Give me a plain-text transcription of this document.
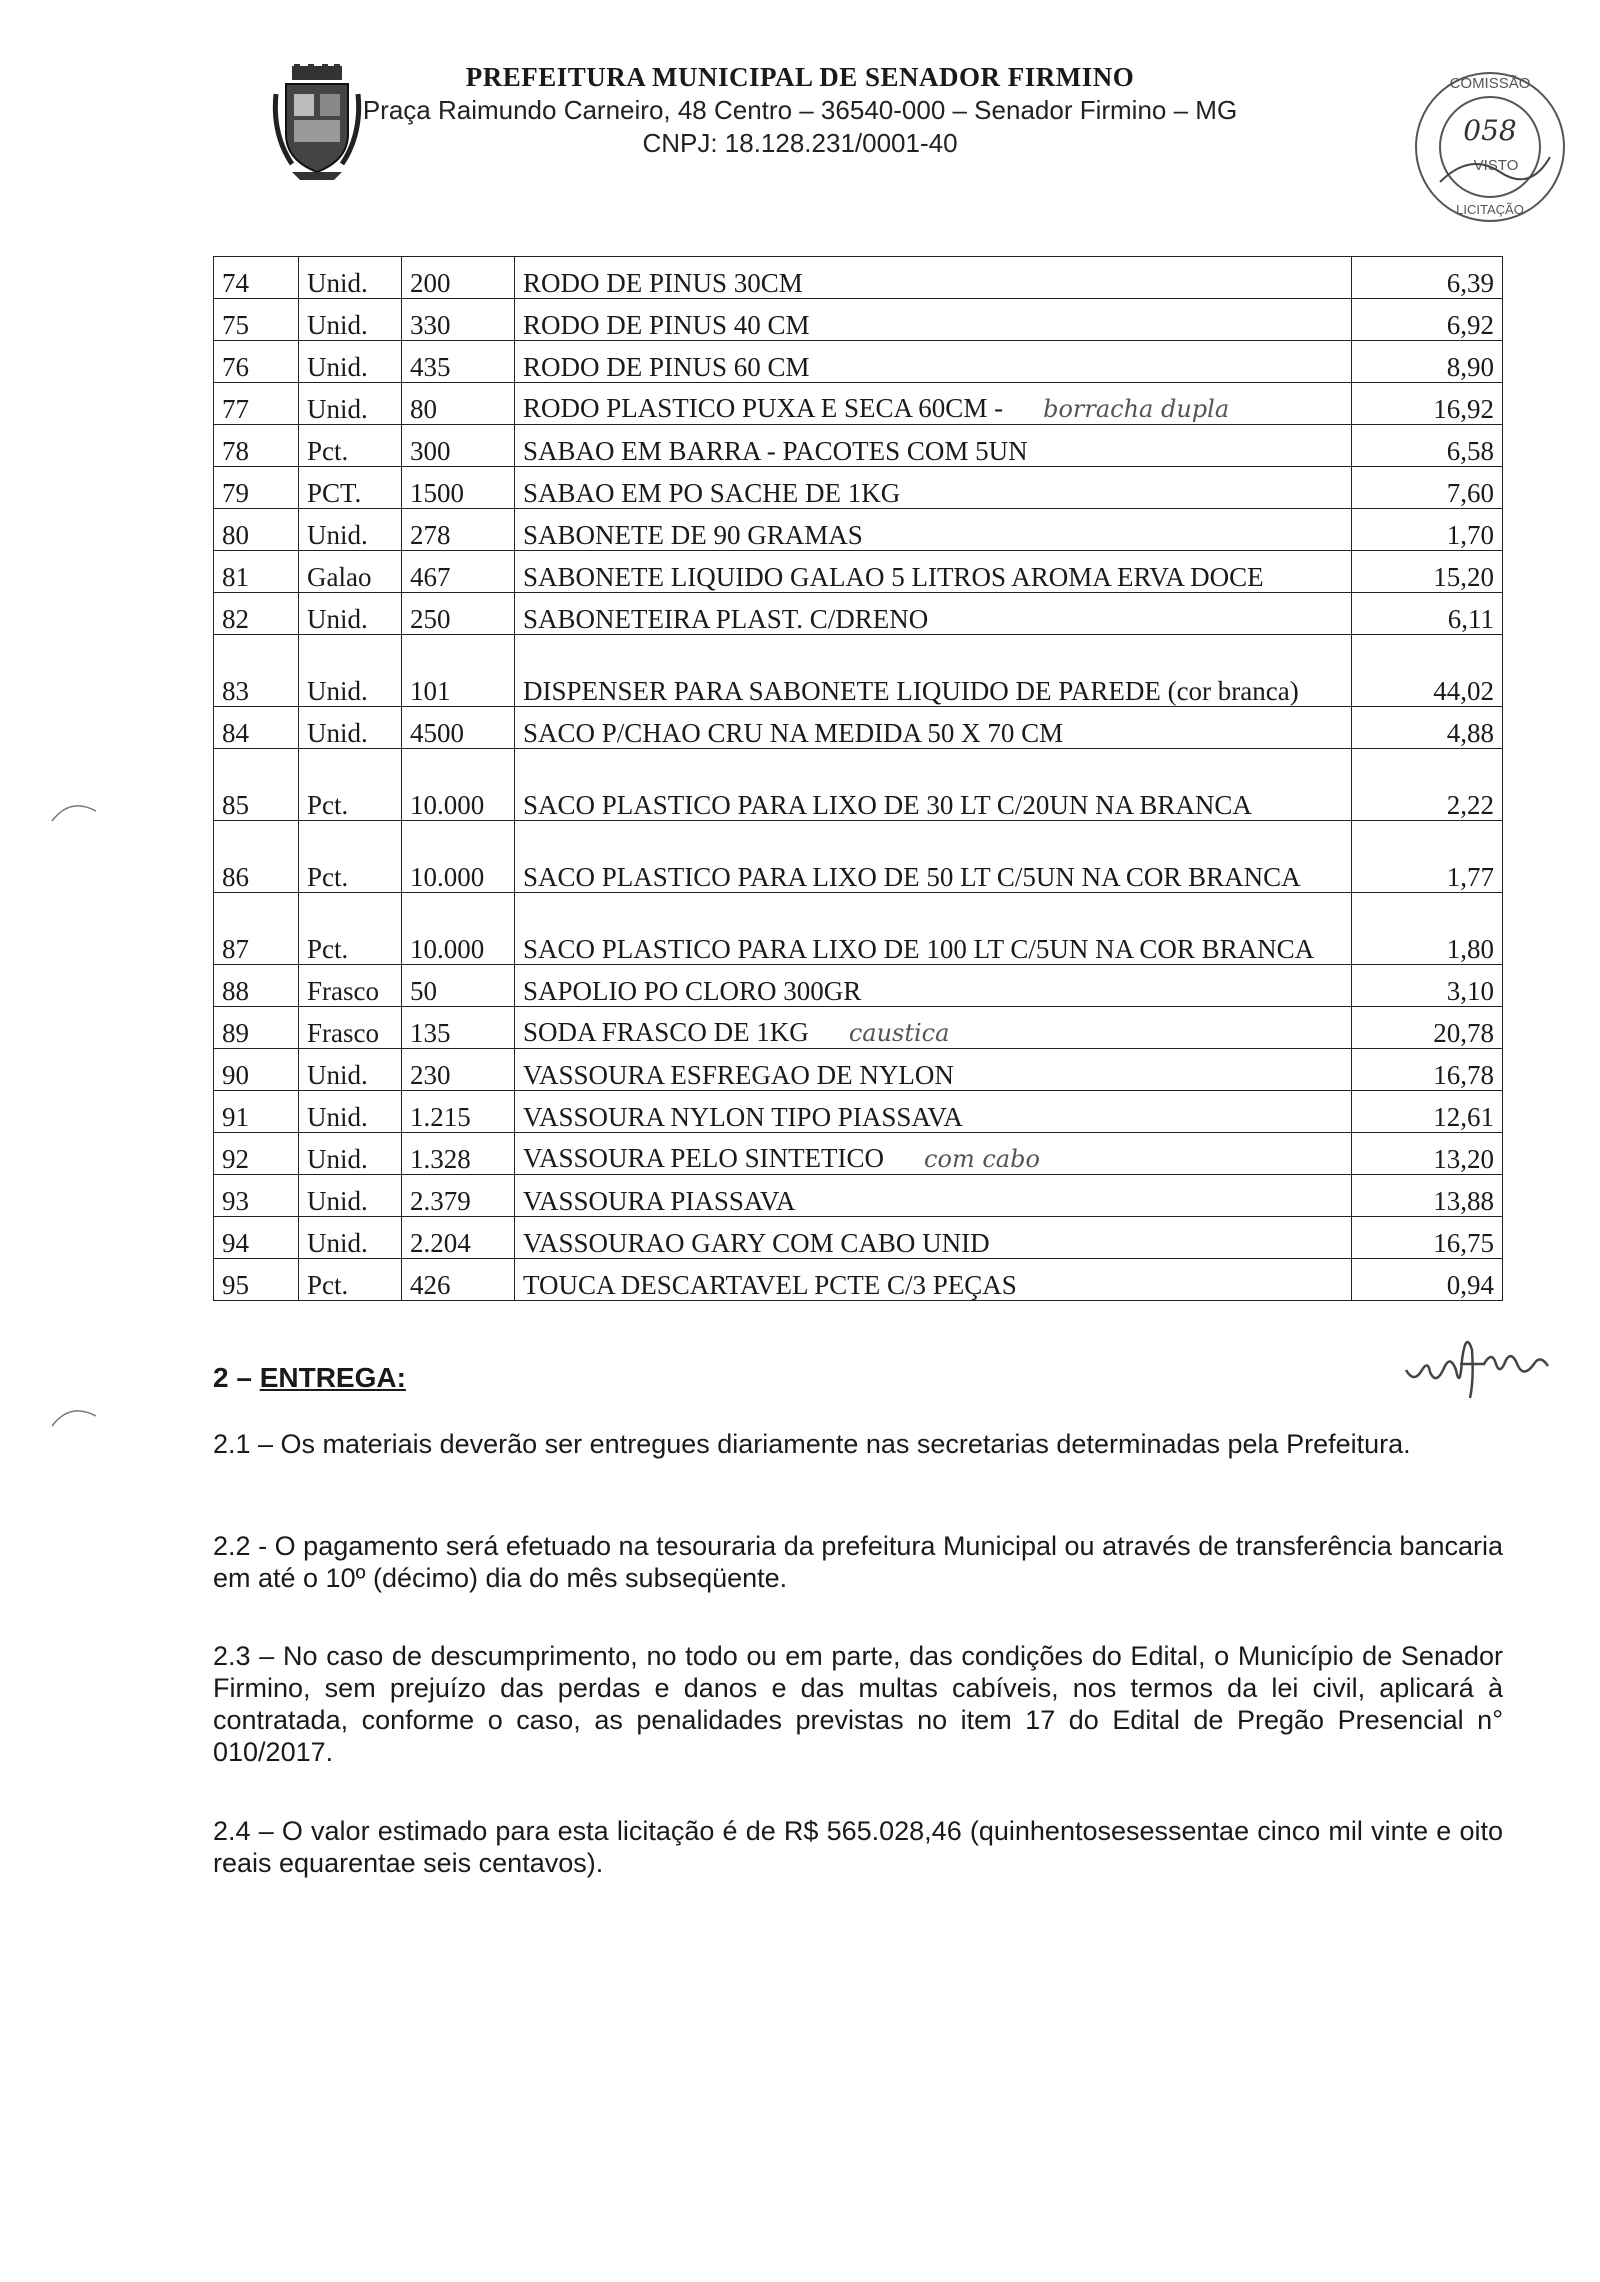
PREFEITURA MUNICIPAL DE SENADOR FIRMINO
Praça Raimundo Carneiro, 48 Centro – 36540-000 – Senador Firmino – MG
CNPJ: 18.128.231/0001-40
COMISSÃO
058
VISTO
LICITAÇÃO
74	Unid.	200	RODO DE PINUS 30CM	6,39
75	Unid.	330	RODO DE PINUS 40 CM	6,92
76	Unid.	435	RODO DE PINUS 60 CM	8,90
77	Unid.	80	RODO PLASTICO PUXA E SECA 60CM - borracha dupla	16,92
78	Pct.	300	SABAO EM BARRA - PACOTES COM 5UN	6,58
79	PCT.	1500	SABAO EM PO SACHE DE 1KG	7,60
80	Unid.	278	SABONETE DE 90 GRAMAS	1,70
81	Galao	467	SABONETE LIQUIDO GALAO 5 LITROS AROMA ERVA DOCE	15,20
82	Unid.	250	SABONETEIRA PLAST. C/DRENO	6,11
83	Unid.	101	DISPENSER PARA SABONETE LIQUIDO DE PAREDE (cor branca)	44,02
84	Unid.	4500	SACO P/CHAO CRU NA MEDIDA 50 X 70 CM	4,88
85	Pct.	10.000	SACO PLASTICO PARA LIXO DE 30 LT C/20UN NA BRANCA	2,22
86	Pct.	10.000	SACO PLASTICO PARA LIXO DE 50 LT C/5UN NA COR BRANCA	1,77
87	Pct.	10.000	SACO PLASTICO PARA LIXO DE 100 LT C/5UN NA COR BRANCA	1,80
88	Frasco	50	SAPOLIO PO CLORO 300GR	3,10
89	Frasco	135	SODA FRASCO DE 1KG caustica	20,78
90	Unid.	230	VASSOURA ESFREGAO DE NYLON	16,78
91	Unid.	1.215	VASSOURA NYLON TIPO PIASSAVA	12,61
92	Unid.	1.328	VASSOURA PELO SINTETICO com cabo	13,20
93	Unid.	2.379	VASSOURA PIASSAVA	13,88
94	Unid.	2.204	VASSOURAO GARY COM CABO UNID	16,75
95	Pct.	426	TOUCA DESCARTAVEL PCTE C/3 PEÇAS	0,94
2 – ENTREGA:
2.1 – Os materiais deverão ser entregues diariamente nas secretarias determinadas pela Prefeitura.
2.2 - O pagamento será efetuado na tesouraria da prefeitura Municipal ou através de transferência bancaria em até o 10º (décimo) dia do mês subseqüente.
2.3 – No caso de descumprimento, no todo ou em parte, das condições do Edital, o Município de Senador Firmino, sem prejuízo das perdas e danos e das multas cabíveis, nos termos da lei civil, aplicará à contratada, conforme o caso, as penalidades previstas no item 17 do Edital de Pregão Presencial n° 010/2017.
2.4 – O valor estimado para esta licitação é de R$ 565.028,46 (quinhentosesessentae cinco mil vinte e oito reais equarentae seis centavos).
